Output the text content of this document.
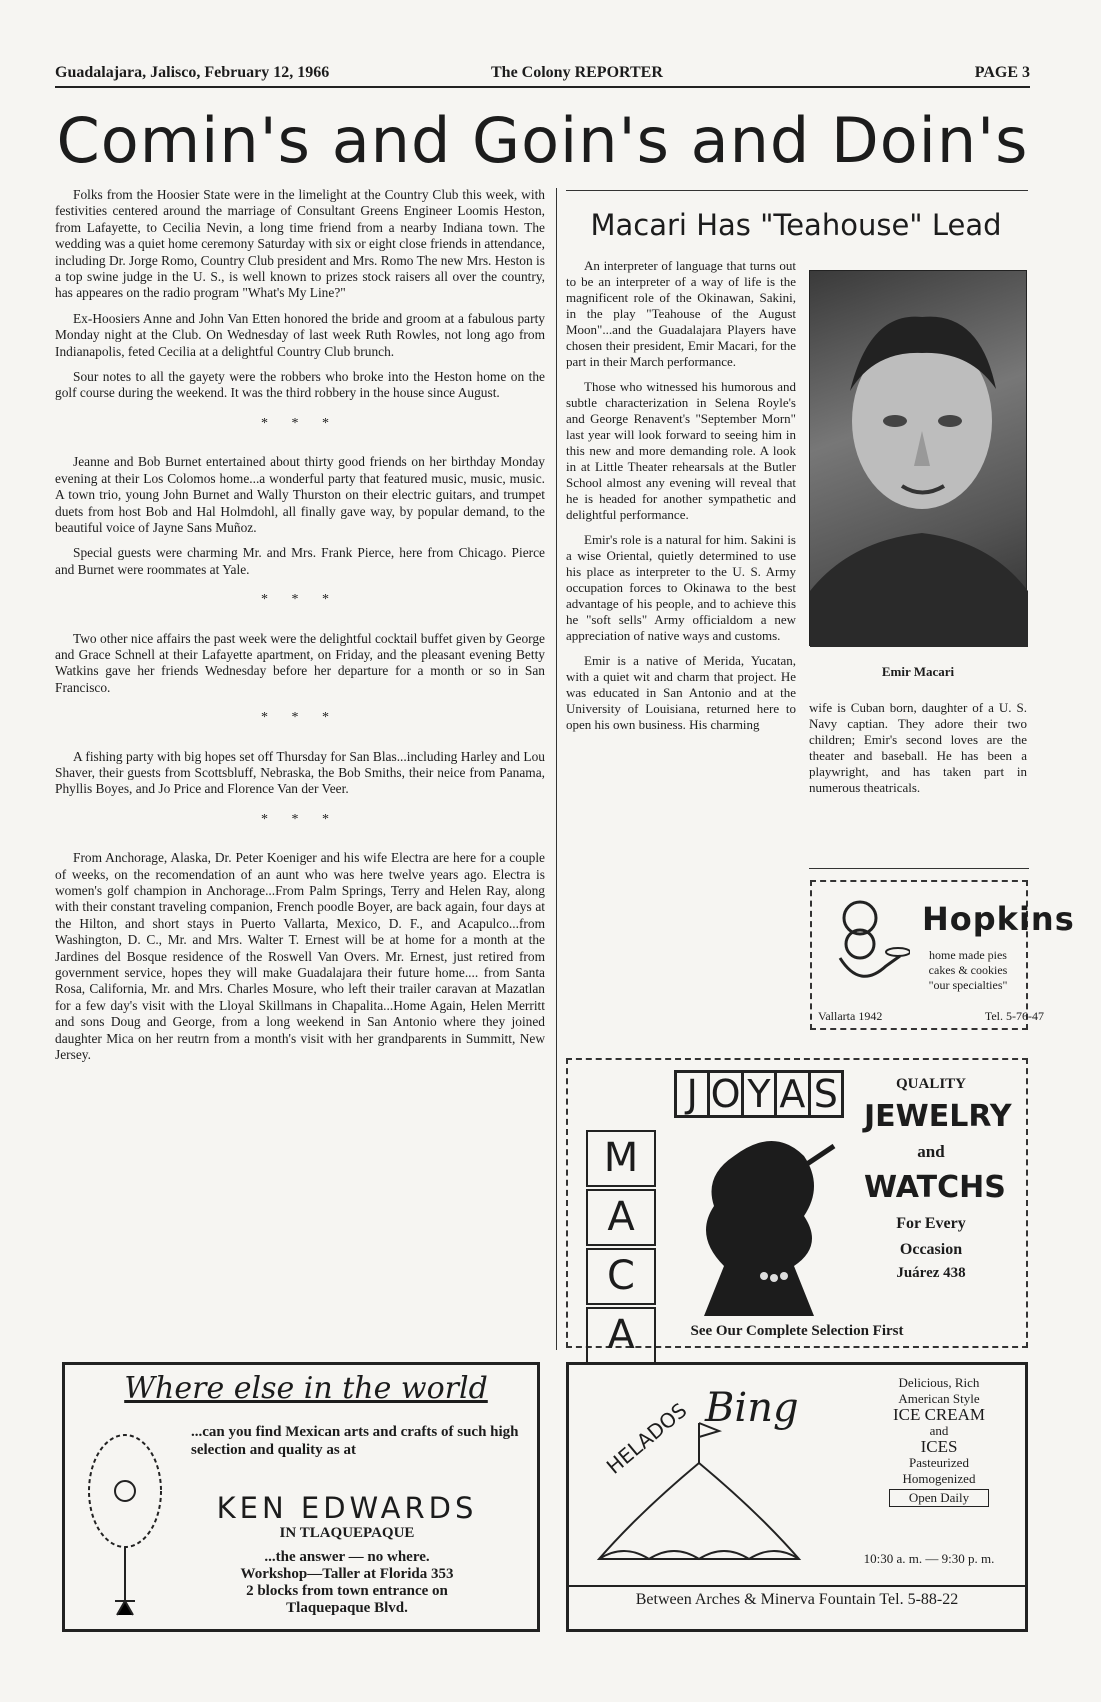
Guadalajara, Jalisco, February 12, 1966	The Colony REPORTER	PAGE 3
Comin's and Goin's and Doin's

Folks from the Hoosier State were in the limelight at the Country Club this week, with festivities centered around the marriage of Consultant Greens Engineer Loomis Heston, from Lafayette, to Cecilia Nevin, a long time friend from a nearby Indiana town. The wedding was a quiet home ceremony Saturday with six or eight close friends in attendance, including Dr. Jorge Romo, Country Club president and Mrs. Romo The new Mrs. Heston is a top swine judge in the U. S., is well known to prizes stock raisers all over the country, has appeares on the radio program "What's My Line?"

Ex-Hoosiers Anne and John Van Etten honored the bride and groom at a fabulous party Monday night at the Club. On Wednesday of last week Ruth Rowles, not long ago from Indianapolis, feted Cecilia at a delightful Country Club brunch.

Sour notes to all the gayety were the robbers who broke into the Heston home on the golf course during the weekend. It was the third robbery in the house since August.

* * *

Jeanne and Bob Burnet entertained about thirty good friends on her birthday Monday evening at their Los Colomos home...a wonderful party that featured music, music, music. A town trio, young John Burnet and Wally Thurston on their electric guitars, and trumpet duets from host Bob and Hal Holmdohl, all finally gave way, by popular demand, to the beautiful voice of Jayne Sans Muñoz.

Special guests were charming Mr. and Mrs. Frank Pierce, here from Chicago. Pierce and Burnet were roommates at Yale.

* * *

Two other nice affairs the past week were the delightful cocktail buffet given by George and Grace Schnell at their Lafayette apartment, on Friday, and the pleasant evening Betty Watkins gave her friends Wednesday before her departure for a month or so in San Francisco.

* * *

A fishing party with big hopes set off Thursday for San Blas...including Harley and Lou Shaver, their guests from Scottsbluff, Nebraska, the Bob Smiths, their neice from Panama, Phyllis Boyes, and Jo Price and Florence Van der Veer.

* * *

From Anchorage, Alaska, Dr. Peter Koeniger and his wife Electra are here for a couple of weeks, on the recomendation of an aunt who was here twelve years ago. Electra is women's golf champion in Anchorage...From Palm Springs, Terry and Helen Ray, along with their constant traveling companion, French poodle Boyer, are back again, four days at the Hilton, and short stays in Puerto Vallarta, Mexico, D. F., and Acapulco...from Washington, D. C., Mr. and Mrs. Walter T. Ernest will be at home for a month at the Jardines del Bosque residence of the Roswell Van Overs. Mr. Ernest, just retired from government service, hopes they will make Guadalajara their future home.... from Santa Rosa, California, Mr. and Mrs. Charles Mosure, who left their trailer caravan at Mazatlan for a few day's visit with the Lloyal Skillmans in Chapalita...Home Again, Helen Merritt and sons Doug and George, from a long weekend in San Antonio where they joined daughter Mica on her reutrn from a month's visit with her grandparents in Summitt, New Jersey.

Macari Has "Teahouse" Lead

An interpreter of language that turns out to be an interpreter of a way of life is the magnificent role of the Okinawan, Sakini, in the play "Teahouse of the August Moon"...and the Guadalajara Players have chosen their president, Emir Macari, for the part in their March performance.

Those who witnessed his humorous and subtle characterization in Selena Royle's and George Renavent's "September Morn" last year will look forward to seeing him in this new and more demanding role. A look in at Little Theater rehearsals at the Butler School almost any evening will reveal that he is headed for another sympathetic and delightful performance.

Emir's role is a natural for him. Sakini is a wise Oriental, quietly determined to use his place as interpreter to the U. S. Army occupation forces to Okinawa to the best advantage of his people, and to achieve this he "soft sells" Army officialdom a new appreciation of native ways and customs.

Emir is a native of Merida, Yucatan, with a quiet wit and charm that project. He was educated in San Antonio and at the University of Louisiana, returned here to open his own business. His charming

Emir Macari

wife is Cuban born, daughter of a U. S. Navy captian. They adore their two children; Emir's second loves are the theater and baseball. He has been a playwright, and has taken part in numerous theatricals.

Hopkins
home made pies
cakes & cookies
"our specialties"
Vallarta 1942	Tel. 5-76-47
J O Y A S
M
A
C
A
QUALITY
JEWELRY
and
WATCHS
For Every
Occasion
Juárez 438
See Our Complete Selection First
Where else in the world
...can you find Mexican arts and crafts of such high selection and quality as at
KEN EDWARDS
IN TLAQUEPAQUE
...the answer — no where.
Workshop—Taller at Florida 353
2 blocks from town entrance on
Tlaquepaque Blvd.
HELADOS Bing
Delicious, Rich
American Style
ICE CREAM
and
ICES
Pasteurized
Homogenized
Open Daily
10:30 a. m. — 9:30 p. m.
Between Arches & Minerva Fountain Tel. 5-88-22
